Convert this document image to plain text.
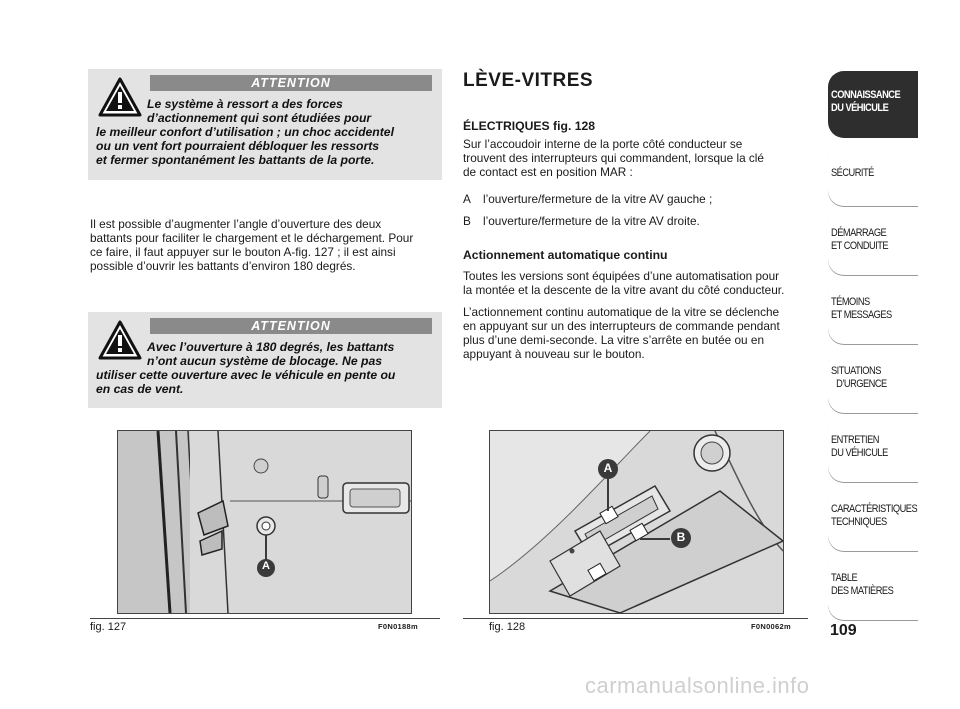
ATTENTION
Le système à ressort a des forces
d’actionnement qui sont étudiées pour
le meilleur confort d’utilisation ; un choc accidentel
ou un vent fort pourraient débloquer les ressorts
et fermer spontanément les battants de la porte.
Il est possible d’augmenter l’angle d’ouverture des deux
battants pour faciliter le chargement et le déchargement. Pour
ce faire, il faut appuyer sur le bouton A-fig. 127 ; il est ainsi
possible d’ouvrir les battants d’environ 180 degrés.
ATTENTION
Avec l’ouverture à 180 degrés, les battants
n’ont aucun système de blocage. Ne pas
utiliser cette ouverture avec le véhicule en pente ou
en cas de vent.
LÈVE-VITRES
ÉLECTRIQUES fig. 128
Sur l’accoudoir interne de la porte côté conducteur se
trouvent des interrupteurs qui commandent, lorsque la clé
de contact est en position MAR :
A l’ouverture/fermeture de la vitre AV gauche ;
B l’ouverture/fermeture de la vitre AV droite.
Actionnement automatique continu
Toutes les versions sont équipées d’une automatisation pour
la montée et la descente de la vitre avant du côté conducteur.
L’actionnement continu automatique de la vitre se déclenche
en appuyant sur un des interrupteurs de commande pendant
plus d’une demi-seconde. La vitre s’arrête en butée ou en
appuyant à nouveau sur le bouton.
A
fig. 127	F0N0188m
A
B
fig. 128	F0N0062m
CONNAISSANCE
DU VÉHICULE
SÉCURITÉ
DÉMARRAGE
ET CONDUITE
TÉMOINS
ET MESSAGES
SITUATIONS
D’URGENCE
ENTRETIEN
DU VÉHICULE
CARACTÉRISTIQUES
TECHNIQUES
TABLE
DES MATIÈRES
109
carmanualsonline.info
